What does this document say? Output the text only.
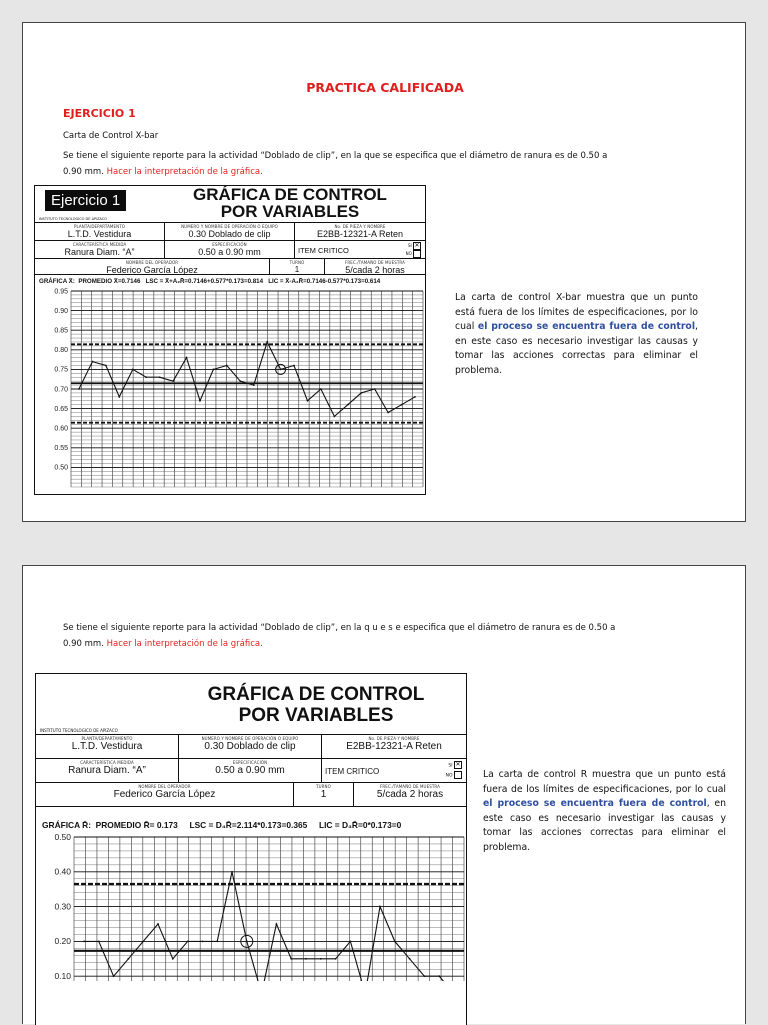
PRACTICA CALIFICADA
EJERCICIO 1
Carta de Control X-bar
Se tiene el siguiente reporte para la actividad “Doblado de clip”, en la que se especifica que el diámetro de ranura es de 0.50 a
0.90 mm. Hacer la interpretación de la gráfica.
Ejercicio 1
INSTITUTO TECNOLOGICO DE APIZACO
GRÁFICA DE CONTROL
POR VARIABLES
PLANTA/DEPARTAMENTO
L.T.D. Vestidura
NÚMERO Y NOMBRE DE OPERACIÓN O EQUIPO
0.30 Doblado de clip
No. DE PIEZA Y NOMBRE
E2BB-12321-A Reten
CARACTERÍSTICA MEDIDA
Ranura Diam. “A”
ESPECIFICACIÓN
0.50 a 0.90 mm	ITEM CRITICO
SI ✕
NO
NOMBRE DEL OPERADOR
Federico García López
TURNO
1
FREC./TAMAÑO DE MUESTRA
5/cada 2 horas
GRÁFICA X̄: PROMEDIO X̄=0.7146 LSC = X̄+A₂R̄=0.7146+0.577*0.173=0.814 LIC = X̄-A₂R̄=0.7146-0.577*0.173=0.614
0.95
0.90
0.85
0.80
0.75
0.70
0.65
0.60
0.55
0.50
La carta de control X-bar muestra que un punto está fuera de los límites de especificaciones, por lo cual el proceso se encuentra fuera de control, en este caso es necesario investigar las causas y tomar las acciones correctas para eliminar el problema.
Se tiene el siguiente reporte para la actividad “Doblado de clip”, en la q u e s e especifica que el diámetro de ranura es de 0.50 a
0.90 mm. Hacer la interpretación de la gráfica.
INSTITUTO TECNOLOGICO DE APIZACO
GRÁFICA DE CONTROL
POR VARIABLES
PLANTA/DEPARTAMENTO
L.T.D. Vestidura
NÚMERO Y NOMBRE DE OPERACIÓN O EQUIPO
0.30 Doblado de clip
No. DE PIEZA Y NOMBRE
E2BB-12321-A Reten
CARACTERÍSTICA MEDIDA
Ranura Diam. “A”
ESPECIFICACIÓN
0.50 a 0.90 mm	ITEM CRITICO
SI ✕
NO
NOMBRE DEL OPERADOR
Federico García López
TURNO
1
FREC./TAMAÑO DE MUESTRA
5/cada 2 horas
GRÁFICA R̄: PROMEDIO R̄= 0.173 LSC = D₄R̄=2.114*0.173=0.365 LIC = D₃R̄=0*0.173=0
0.50
0.40
0.30
0.20
0.10
La carta de control R muestra que un punto está fuera de los límites de especificaciones, por lo cual el proceso se encuentra fuera de control, en este caso es necesario investigar las causas y tomar las acciones correctas para eliminar el problema.
